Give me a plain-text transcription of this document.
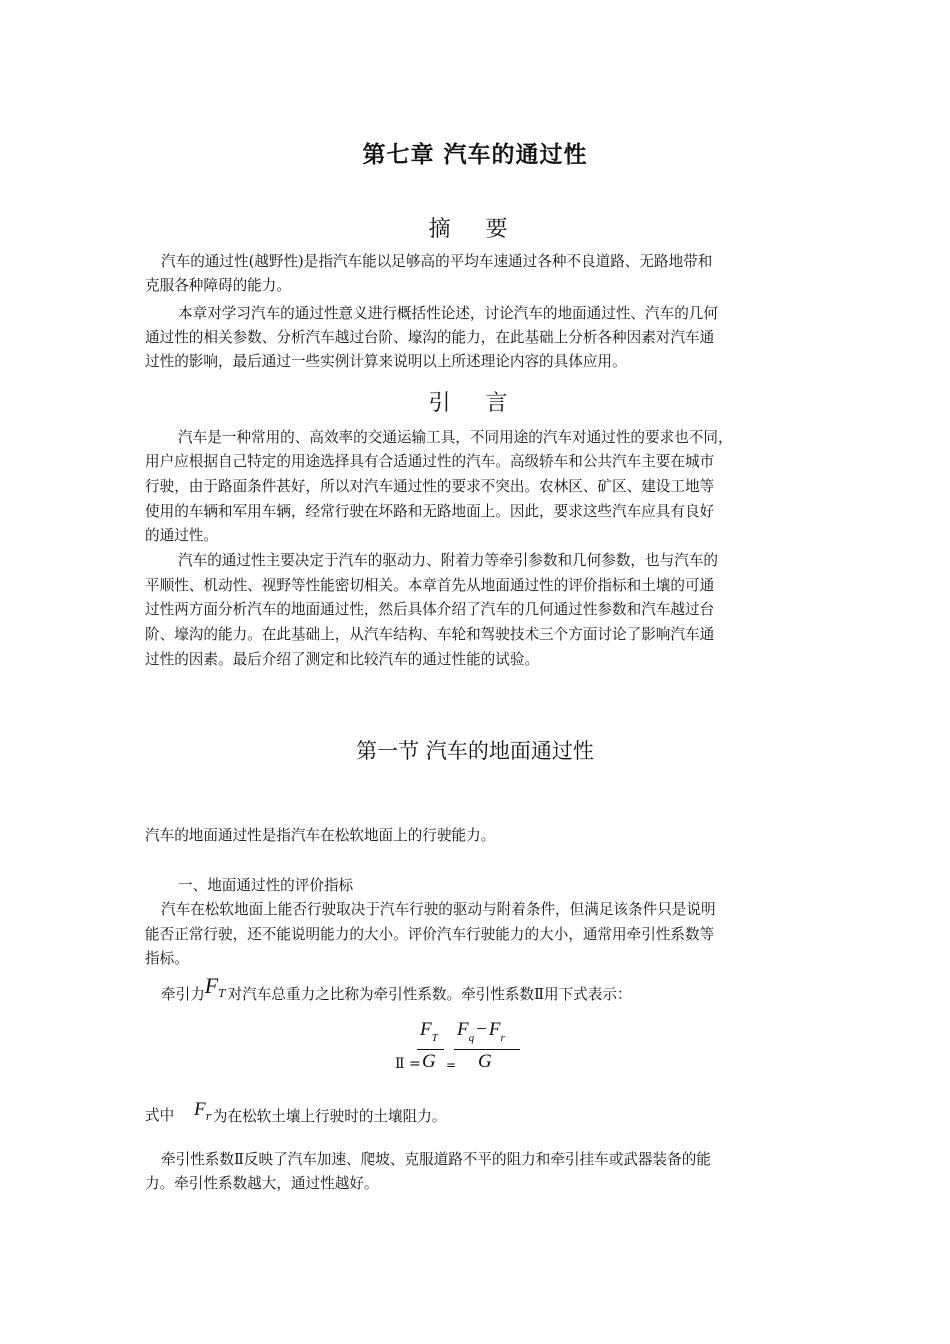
第七章 汽车的通过性
摘 要
汽车的通过性(越野性)是指汽车能以足够高的平均车速通过各种不良道路、无路地带和
克服各种障碍的能力。
本章对学习汽车的通过性意义进行概括性论述，讨论汽车的地面通过性、汽车的几何
通过性的相关参数、分析汽车越过台阶、壕沟的能力，在此基础上分析各种因素对汽车通
过性的影响，最后通过一些实例计算来说明以上所述理论内容的具体应用。
引 言
汽车是一种常用的、高效率的交通运输工具，不同用途的汽车对通过性的要求也不同，
用户应根据自己特定的用途选择具有合适通过性的汽车。高级轿车和公共汽车主要在城市
行驶，由于路面条件甚好，所以对汽车通过性的要求不突出。农林区、矿区、建设工地等
使用的车辆和军用车辆，经常行驶在坏路和无路地面上。因此，要求这些汽车应具有良好
的通过性。
汽车的通过性主要决定于汽车的驱动力、附着力等牵引参数和几何参数，也与汽车的
平顺性、机动性、视野等性能密切相关。本章首先从地面通过性的评价指标和土壤的可通
过性两方面分析汽车的地面通过性，然后具体介绍了汽车的几何通过性参数和汽车越过台
阶、壕沟的能力。在此基础上，从汽车结构、车轮和驾驶技术三个方面讨论了影响汽车通
过性的因素。最后介绍了测定和比较汽车的通过性能的试验。
第一节 汽车的地面通过性
汽车的地面通过性是指汽车在松软地面上的行驶能力。
一、地面通过性的评价指标
汽车在松软地面上能否行驶取决于汽车行驶的驱动与附着条件，但满足该条件只是说明
能否正常行驶，还不能说明能力的大小。评价汽车行驶能力的大小，通常用牵引性系数等
指标。
牵引力FT 对汽车总重力之比称为牵引性系数。牵引性系数Ⅱ用下式表示：
Ⅱ =
$F_T$
G =
$F_q - F_r$
G
式中 Fr 为在松软土壤上行驶时的土壤阻力。
牵引性系数Ⅱ反映了汽车加速、爬坡、克服道路不平的阻力和牵引挂车或武器装备的能
力。牵引性系数越大，通过性越好。
